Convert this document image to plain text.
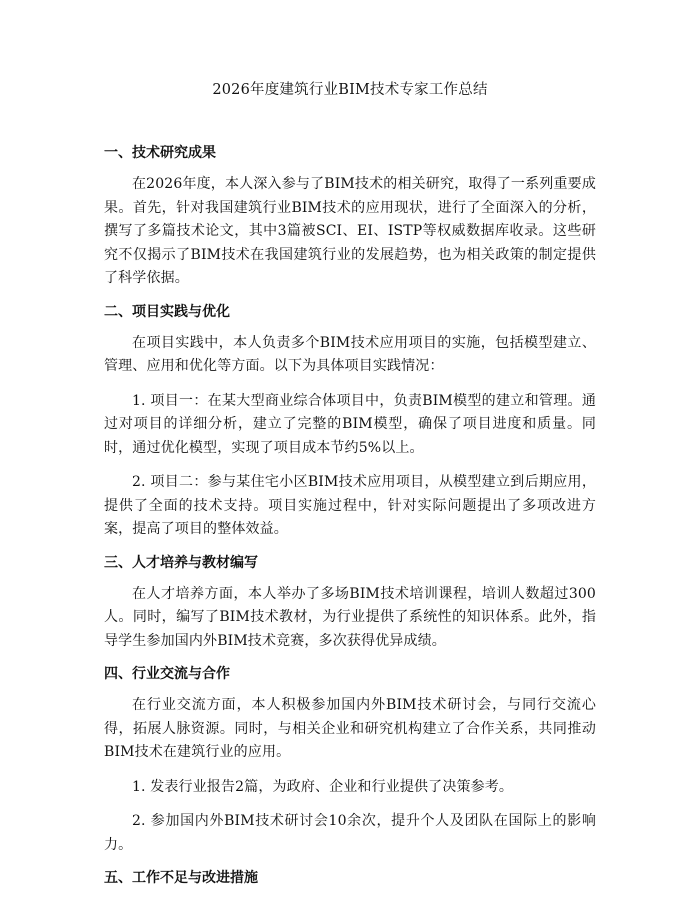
2026年度建筑行业BIM技术专家工作总结
一、技术研究成果

在2026年度，本人深入参与了BIM技术的相关研究，取得了一系列重要成果。首先，针对我国建筑行业BIM技术的应用现状，进行了全面深入的分析，撰写了多篇技术论文，其中3篇被SCI、EI、ISTP等权威数据库收录。这些研究不仅揭示了BIM技术在我国建筑行业的发展趋势，也为相关政策的制定提供了科学依据。

二、项目实践与优化

在项目实践中，本人负责多个BIM技术应用项目的实施，包括模型建立、管理、应用和优化等方面。以下为具体项目实践情况：

1. 项目一：在某大型商业综合体项目中，负责BIM模型的建立和管理。通过对项目的详细分析，建立了完整的BIM模型，确保了项目进度和质量。同时，通过优化模型，实现了项目成本节约5%以上。

2. 项目二：参与某住宅小区BIM技术应用项目，从模型建立到后期应用，提供了全面的技术支持。项目实施过程中，针对实际问题提出了多项改进方案，提高了项目的整体效益。

三、人才培养与教材编写

在人才培养方面，本人举办了多场BIM技术培训课程，培训人数超过300人。同时，编写了BIM技术教材，为行业提供了系统性的知识体系。此外，指导学生参加国内外BIM技术竞赛，多次获得优异成绩。

四、行业交流与合作

在行业交流方面，本人积极参加国内外BIM技术研讨会，与同行交流心得，拓展人脉资源。同时，与相关企业和研究机构建立了合作关系，共同推动BIM技术在建筑行业的应用。

1. 发表行业报告2篇，为政府、企业和行业提供了决策参考。

2. 参加国内外BIM技术研讨会10余次，提升个人及团队在国际上的影响力。

五、工作不足与改进措施
